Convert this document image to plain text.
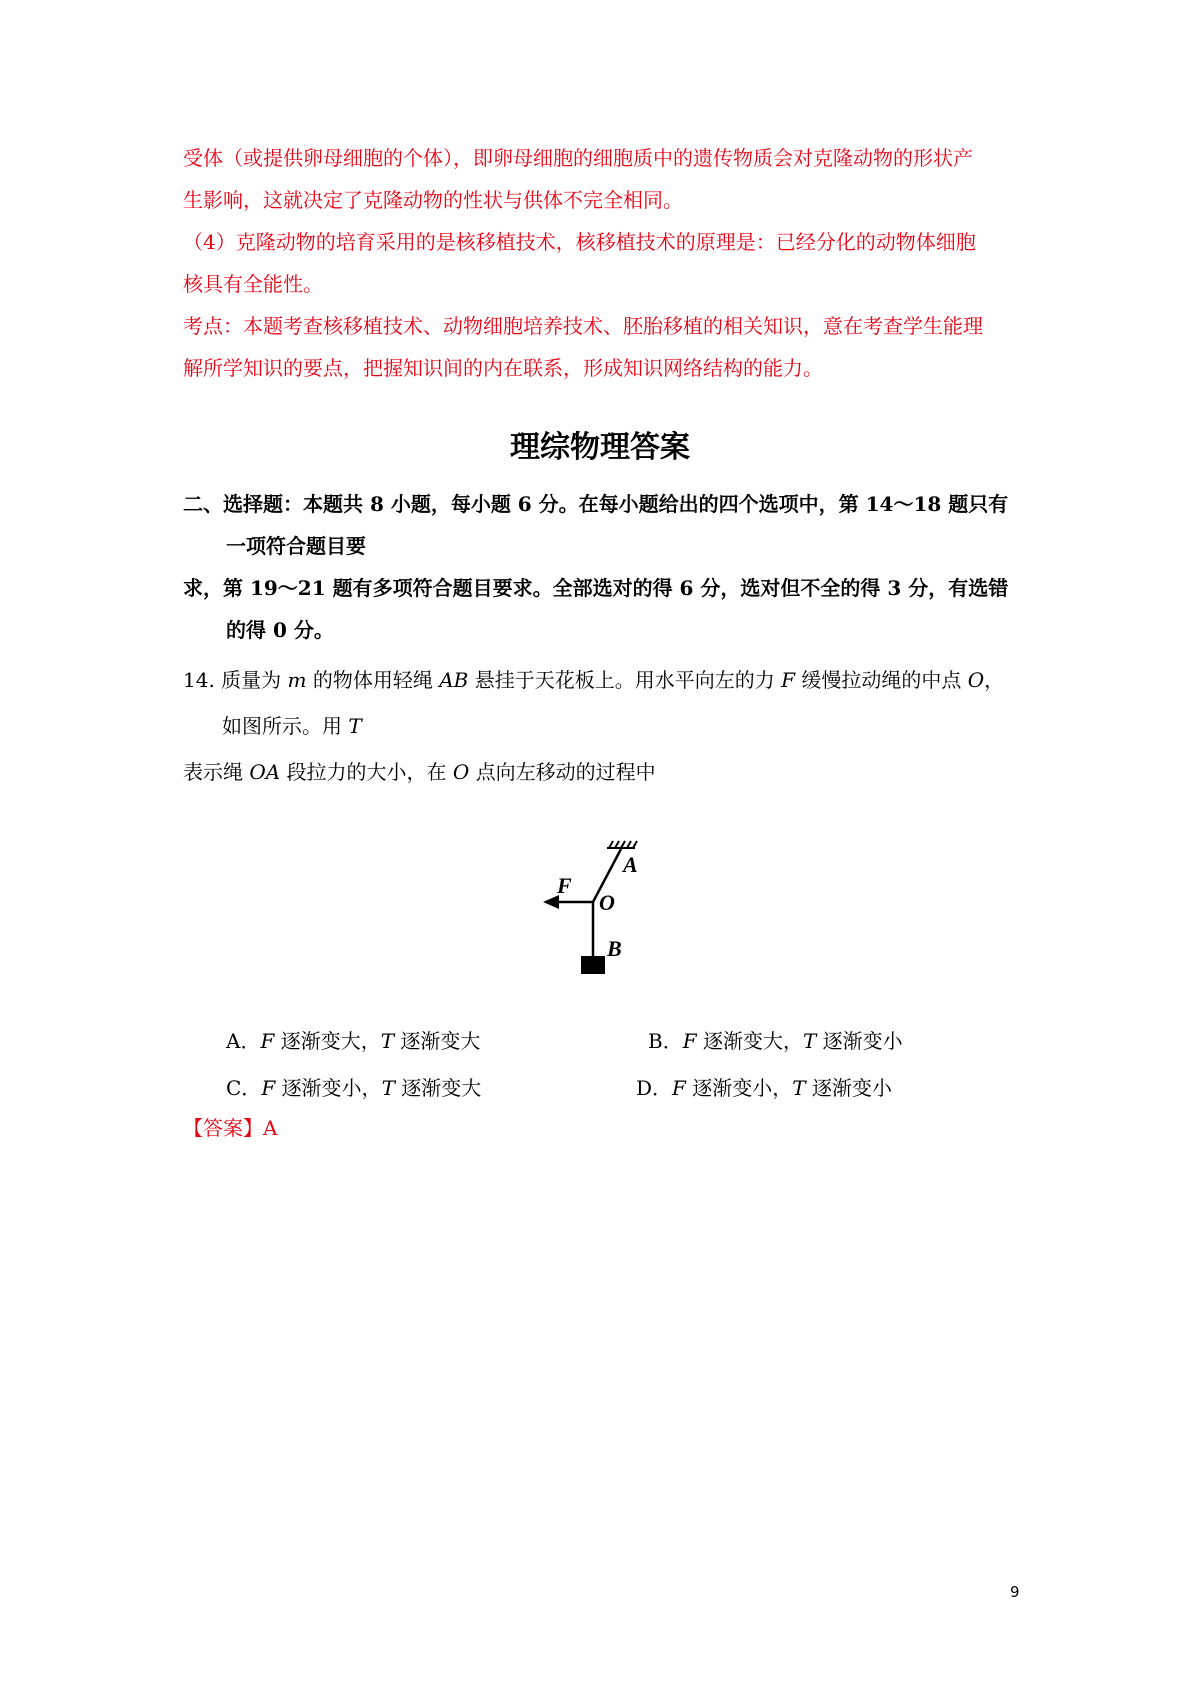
受体（或提供卵母细胞的个体），即卵母细胞的细胞质中的遗传物质会对克隆动物的形状产
生影响，这就决定了克隆动物的性状与供体不完全相同。
（4）克隆动物的培育采用的是核移植技术，核移植技术的原理是：已经分化的动物体细胞
核具有全能性。
考点：本题考查核移植技术、动物细胞培养技术、胚胎移植的相关知识，意在考查学生能理
解所学知识的要点，把握知识间的内在联系，形成知识网络结构的能力。
理综物理答案
二、选择题：本题共 8 小题，每小题 6 分。在每小题给出的四个选项中，第 14～18 题只有
一项符合题目要
求，第 19～21 题有多项符合题目要求。全部选对的得 6 分，选对但不全的得 3 分，有选错
的得 0 分。
14. 质量为 m 的物体用轻绳 AB 悬挂于天花板上。用水平向左的力 F 缓慢拉动绳的中点 O，
如图所示。用 T
表示绳 OA 段拉力的大小，在 O 点向左移动的过程中
F
A
O
B
A．F 逐渐变大，T 逐渐变大	B．F 逐渐变大，T 逐渐变小
C．F 逐渐变小，T 逐渐变大	D．F 逐渐变小，T 逐渐变小
【答案】A
9
